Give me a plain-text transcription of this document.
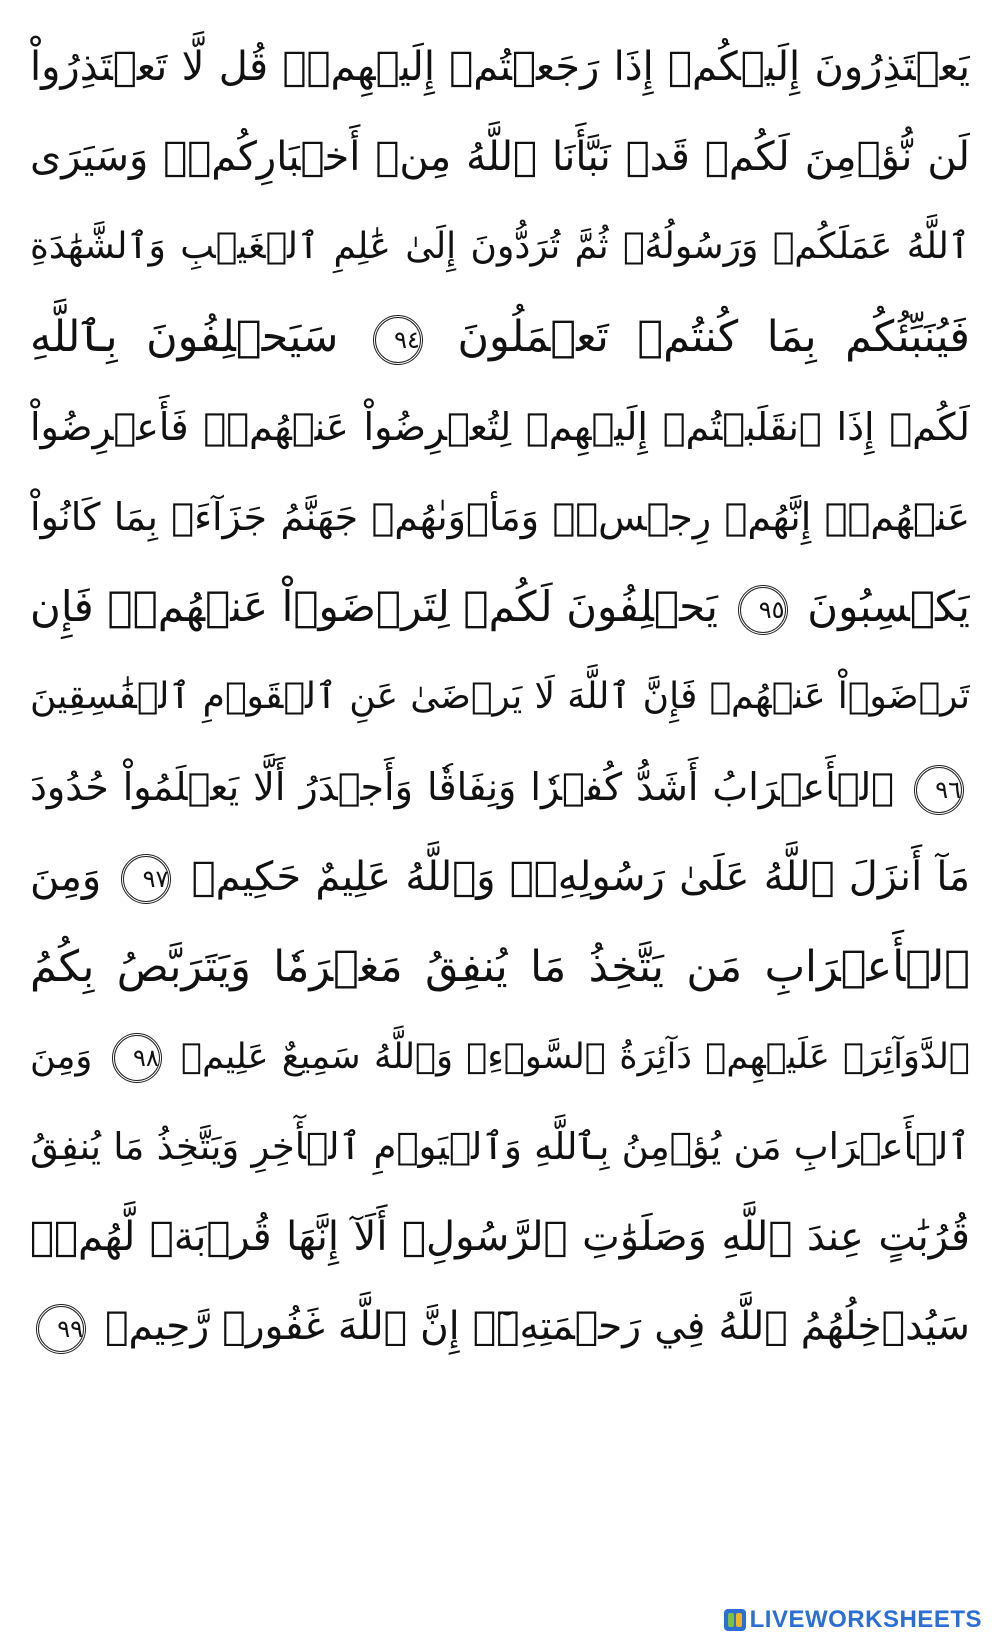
يَعۡتَذِرُونَ إِلَيۡكُمۡ إِذَا رَجَعۡتُمۡ إِلَيۡهِمۡۚ قُل لَّا تَعۡتَذِرُواْ
لَن نُّؤۡمِنَ لَكُمۡ قَدۡ نَبَّأَنَا ٱللَّهُ مِنۡ أَخۡبَارِكُمۡۚ وَسَيَرَى
ٱللَّهُ عَمَلَكُمۡ وَرَسُولُهُۥ ثُمَّ تُرَدُّونَ إِلَىٰ عَٰلِمِ ٱلۡغَيۡبِ وَٱلشَّهَٰدَةِ
فَيُنَبِّئُكُم بِمَا كُنتُمۡ تَعۡمَلُونَ ٩٤ سَيَحۡلِفُونَ بِٱللَّهِ
لَكُمۡ إِذَا ٱنقَلَبۡتُمۡ إِلَيۡهِمۡ لِتُعۡرِضُواْ عَنۡهُمۡۖ فَأَعۡرِضُواْ
عَنۡهُمۡۖ إِنَّهُمۡ رِجۡسٞۖ وَمَأۡوَىٰهُمۡ جَهَنَّمُ جَزَآءَۢ بِمَا كَانُواْ
يَكۡسِبُونَ ٩٥ يَحۡلِفُونَ لَكُمۡ لِتَرۡضَوۡاْ عَنۡهُمۡۖ فَإِن
تَرۡضَوۡاْ عَنۡهُمۡ فَإِنَّ ٱللَّهَ لَا يَرۡضَىٰ عَنِ ٱلۡقَوۡمِ ٱلۡفَٰسِقِينَ
٩٦ ٱلۡأَعۡرَابُ أَشَدُّ كُفۡرٗا وَنِفَاقٗا وَأَجۡدَرُ أَلَّا يَعۡلَمُواْ حُدُودَ
مَآ أَنزَلَ ٱللَّهُ عَلَىٰ رَسُولِهِۦۗ وَٱللَّهُ عَلِيمٌ حَكِيمٞ ٩٧ وَمِنَ
ٱلۡأَعۡرَابِ مَن يَتَّخِذُ مَا يُنفِقُ مَغۡرَمٗا وَيَتَرَبَّصُ بِكُمُ
ٱلدَّوَآئِرَۚ عَلَيۡهِمۡ دَآئِرَةُ ٱلسَّوۡءِۗ وَٱللَّهُ سَمِيعٌ عَلِيمٞ ٩٨ وَمِنَ
ٱلۡأَعۡرَابِ مَن يُؤۡمِنُ بِٱللَّهِ وَٱلۡيَوۡمِ ٱلۡأٓخِرِ وَيَتَّخِذُ مَا يُنفِقُ
قُرُبَٰتٍ عِندَ ٱللَّهِ وَصَلَوَٰتِ ٱلرَّسُولِۚ أَلَآ إِنَّهَا قُرۡبَةٞ لَّهُمۡۚ
سَيُدۡخِلُهُمُ ٱللَّهُ فِي رَحۡمَتِهِۦٓۚ إِنَّ ٱللَّهَ غَفُورٞ رَّحِيمٞ ٩٩
LIVEWORKSHEETS
